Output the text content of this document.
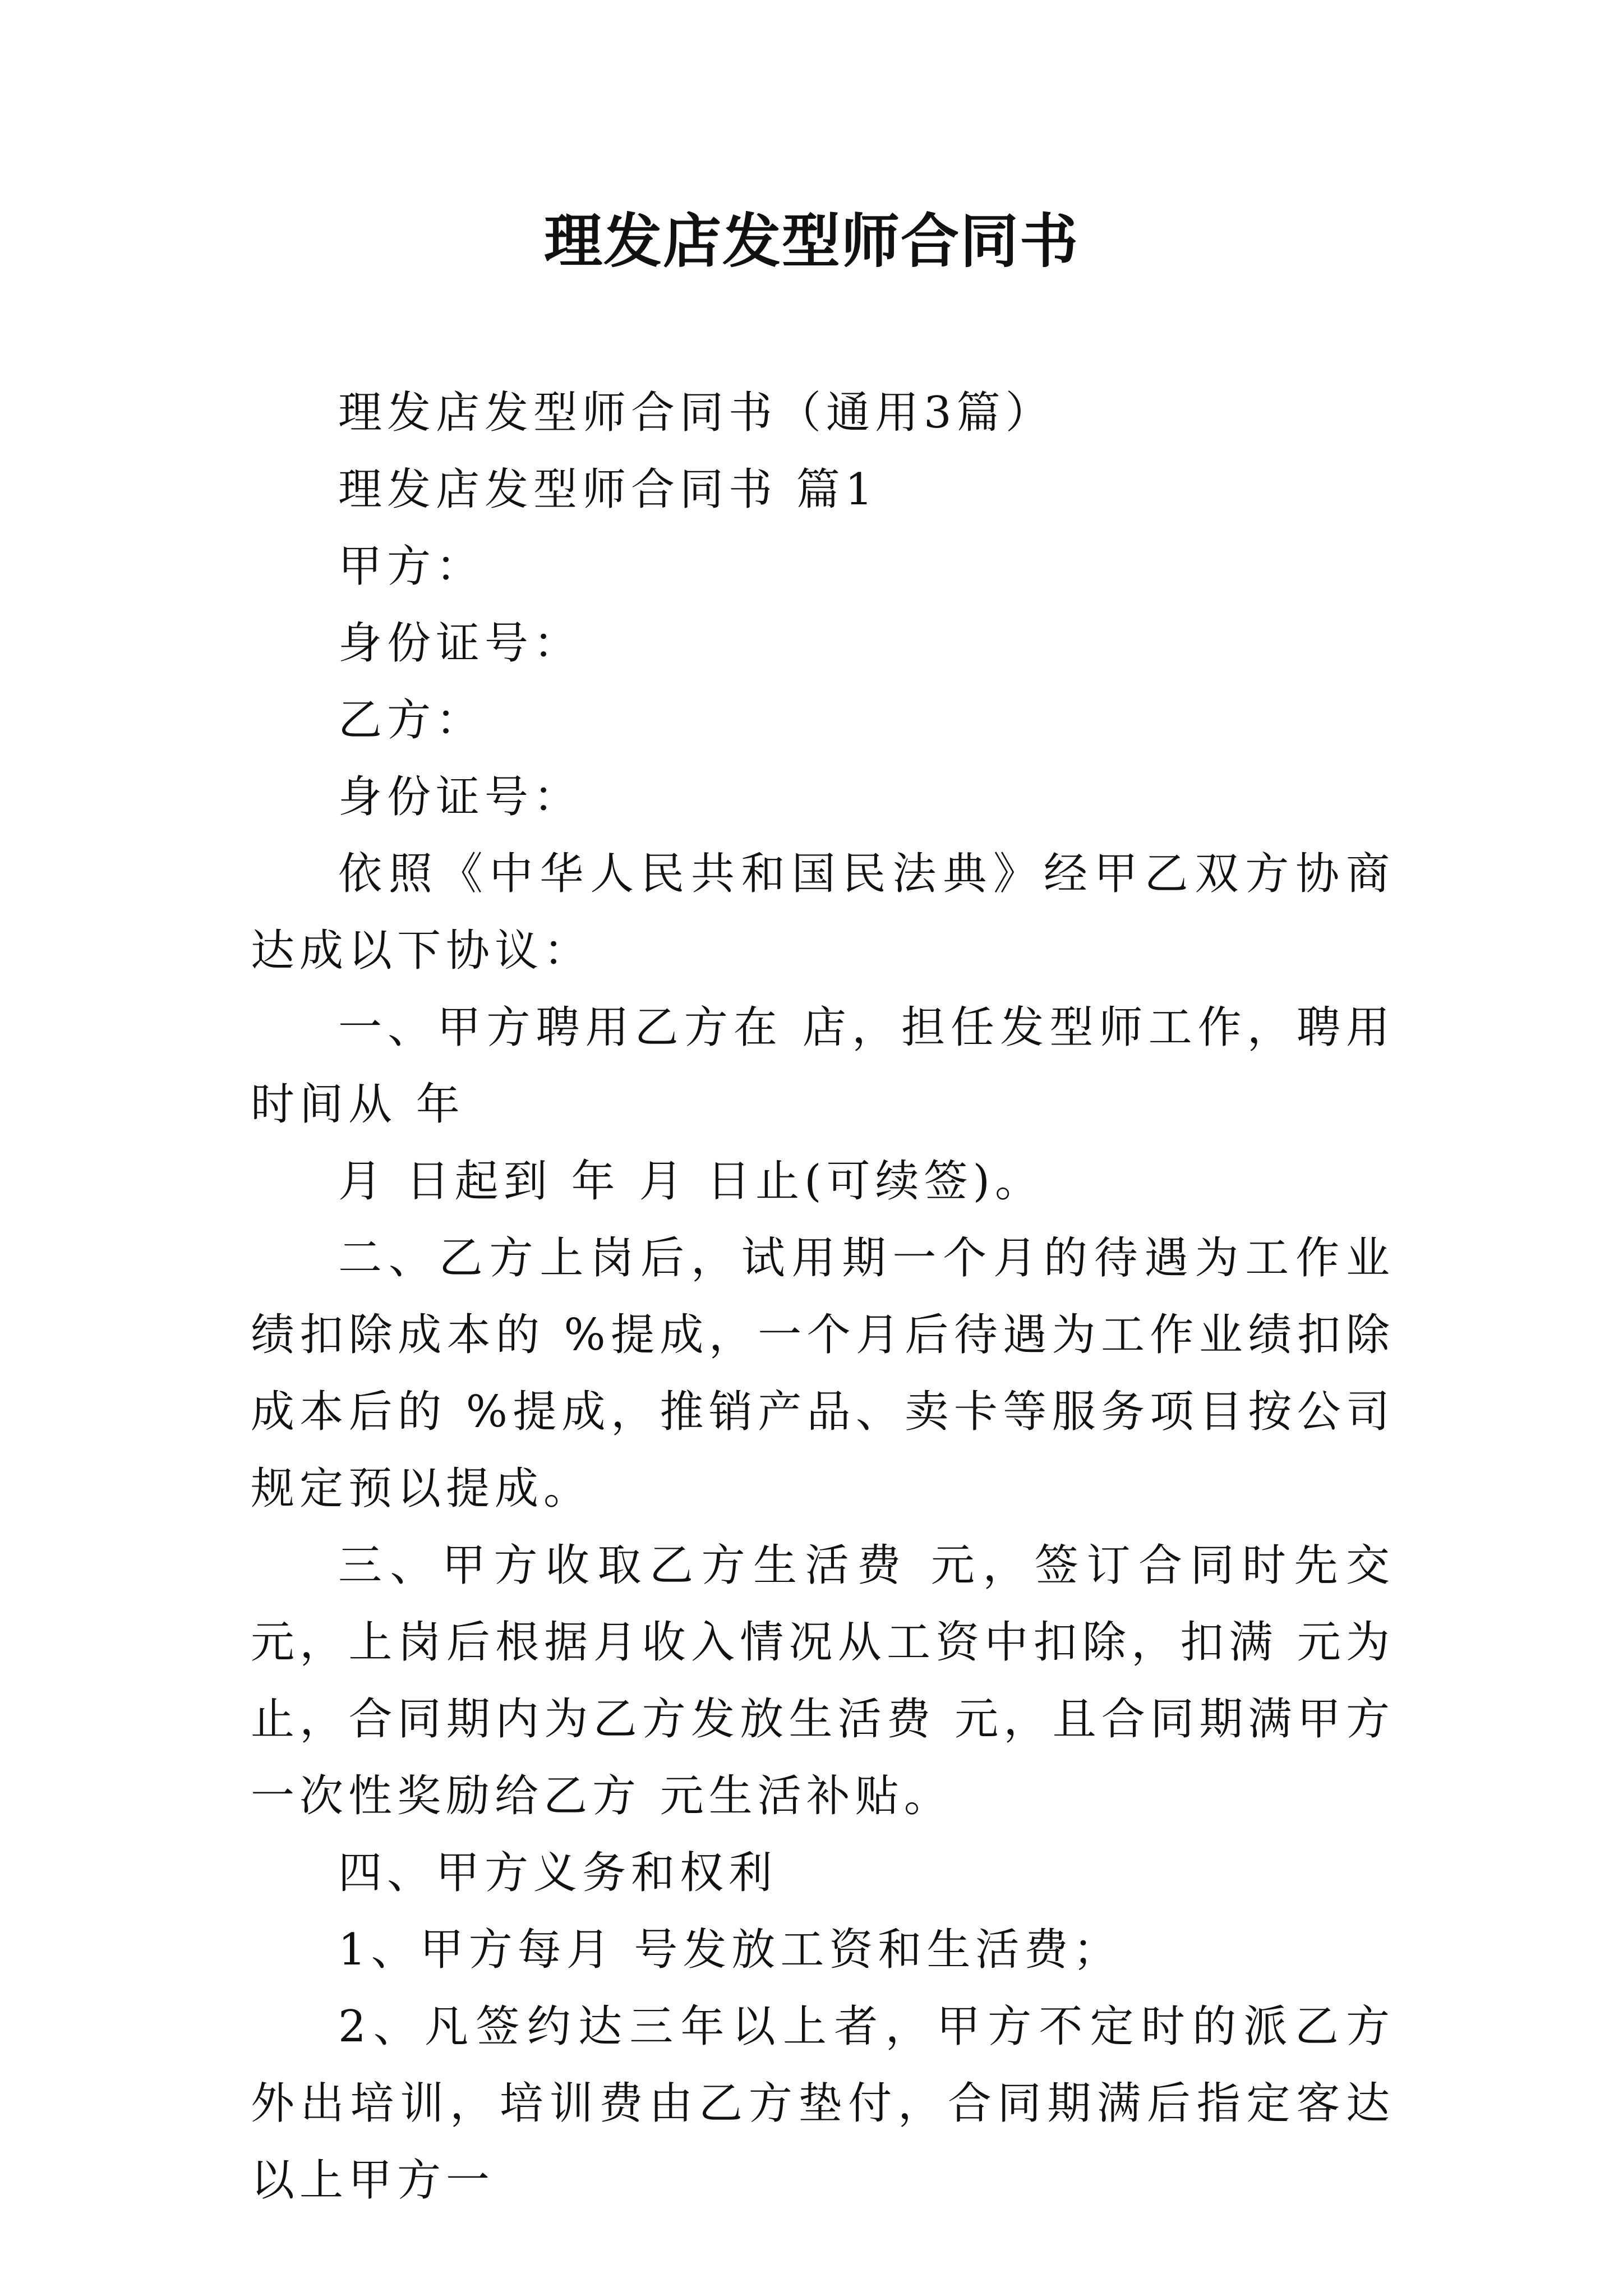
理发店发型师合同书

理发店发型师合同书（通用3篇）

理发店发型师合同书 篇1

甲方：

身份证号：

乙方：

身份证号：

依照《中华人民共和国民法典》经甲乙双方协商达成以下协议：

一、甲方聘用乙方在 店，担任发型师工作，聘用时间从 年

月 日起到 年 月 日止(可续签)。

二、乙方上岗后，试用期一个月的待遇为工作业绩扣除成本的 %提成，一个月后待遇为工作业绩扣除成本后的 %提成，推销产品、卖卡等服务项目按公司规定预以提成。

三、甲方收取乙方生活费 元，签订合同时先交 元，上岗后根据月收入情况从工资中扣除，扣满 元为止，合同期内为乙方发放生活费 元，且合同期满甲方一次性奖励给乙方 元生活补贴。

四、甲方义务和权利

1、甲方每月 号发放工资和生活费；

2、凡签约达三年以上者，甲方不定时的派乙方外出培训，培训费由乙方垫付，合同期满后指定客达 以上甲方一
